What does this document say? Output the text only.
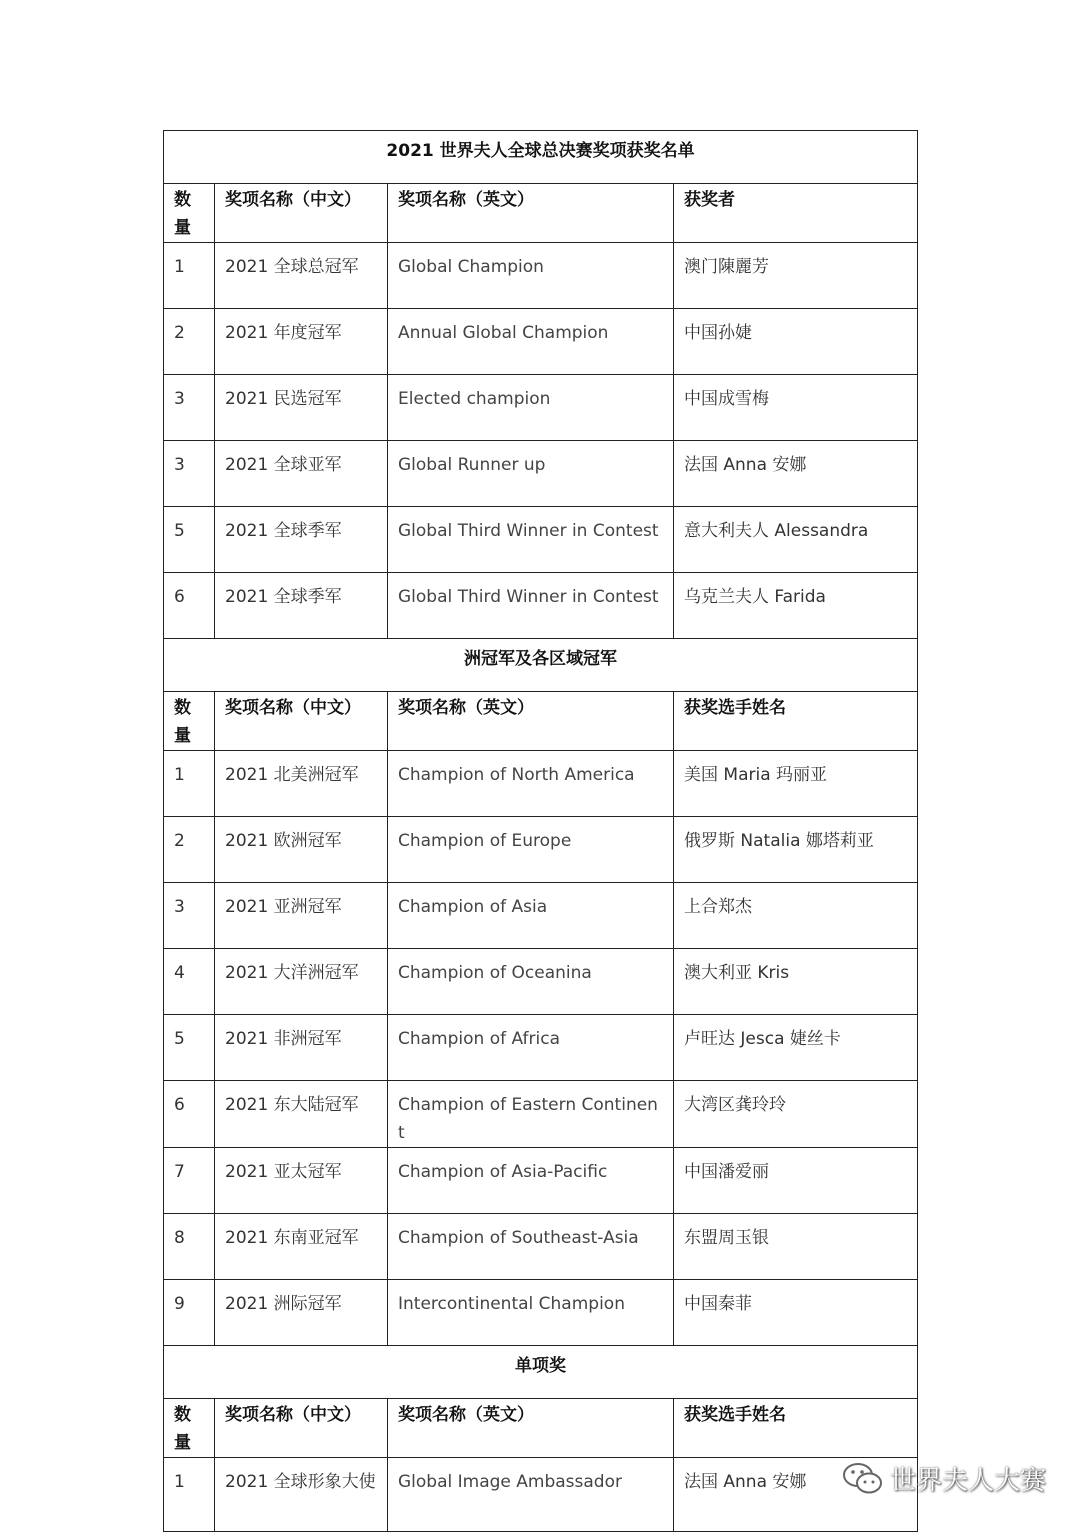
2021 世界夫人全球总决赛奖项获奖名单			
数量	奖项名称（中文）	奖项名称（英文）	获奖者
1	2021 全球总冠军	Global Champion	澳门陳麗芳
2	2021 年度冠军	Annual Global Champion	中国孙婕
3	2021 民选冠军	Elected champion	中国成雪梅
3	2021 全球亚军	Global Runner up	法国 Anna 安娜
5	2021 全球季军	Global Third Winner in Contest	意大利夫人 Alessandra
6	2021 全球季军	Global Third Winner in Contest	乌克兰夫人 Farida
洲冠军及各区域冠军			
数量	奖项名称（中文）	奖项名称（英文）	获奖选手姓名
1	2021 北美洲冠军	Champion of North America	美国 Maria 玛丽亚
2	2021 欧洲冠军	Champion of Europe	俄罗斯 Natalia 娜塔莉亚
3	2021 亚洲冠军	Champion of Asia	上合郑杰
4	2021 大洋洲冠军	Champion of Oceanina	澳大利亚 Kris
5	2021 非洲冠军	Champion of Africa	卢旺达 Jesca 婕丝卡
6	2021 东大陆冠军	Champion of Eastern Continent	大湾区龚玲玲
7	2021 亚太冠军	Champion of Asia-Pacific	中国潘爱丽
8	2021 东南亚冠军	Champion of Southeast-Asia	东盟周玉银
9	2021 洲际冠军	Intercontinental Champion	中国秦菲
单项奖			
数量	奖项名称（中文）	奖项名称（英文）	获奖选手姓名
1	2021 全球形象大使	Global Image Ambassador	法国 Anna 安娜	世界夫人大赛
